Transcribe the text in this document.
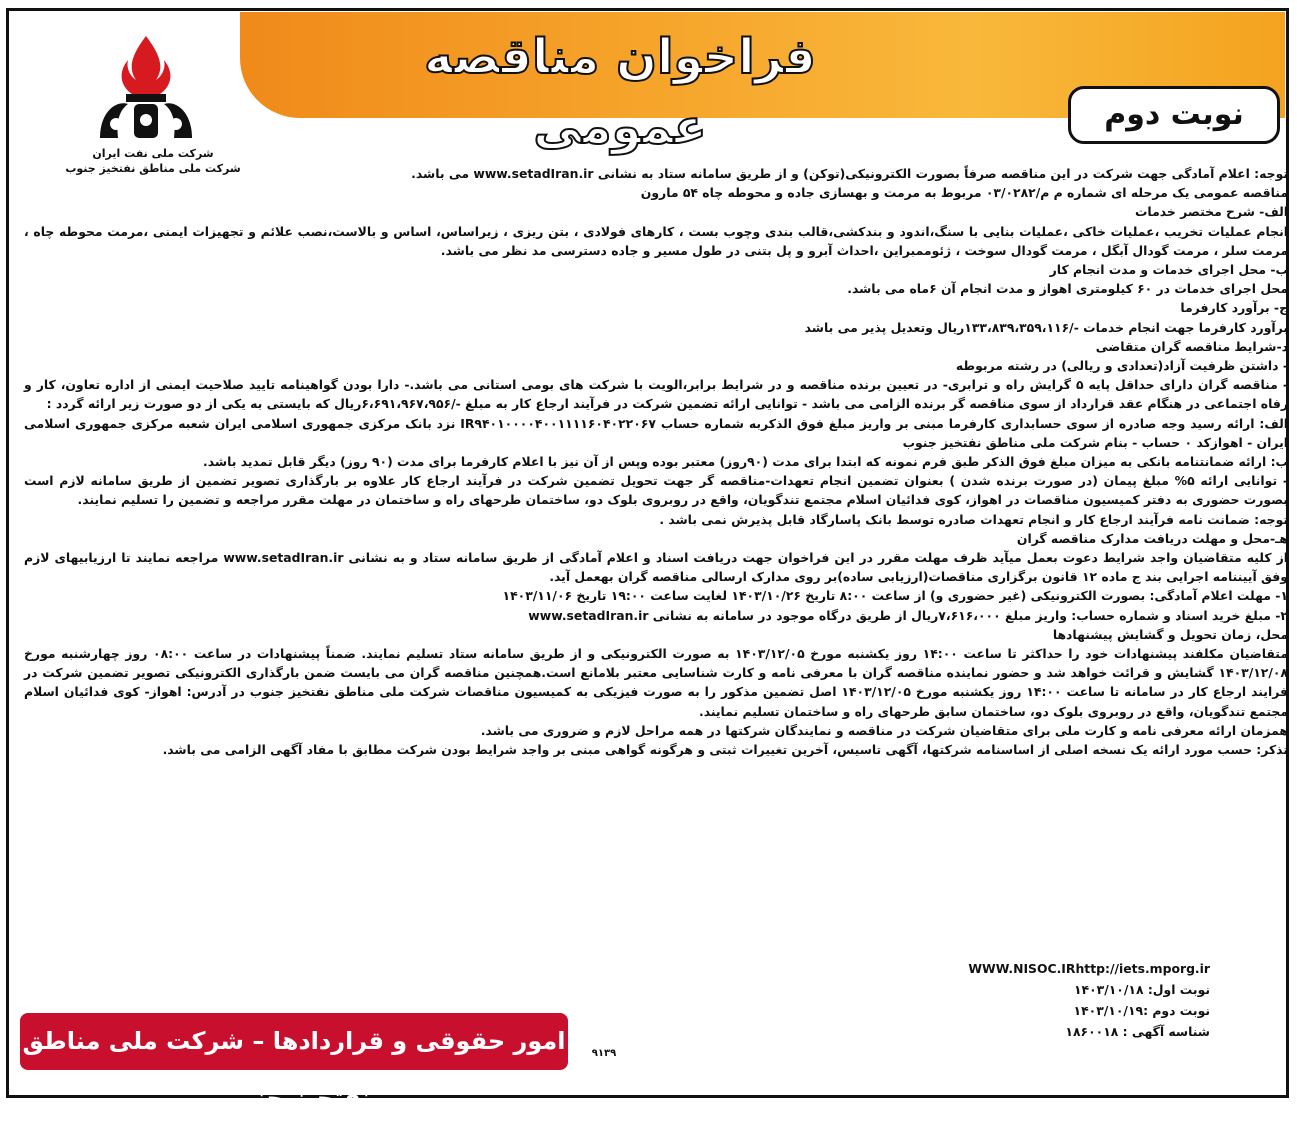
فراخوان مناقصه عمومی	نوبت دوم
شرکت ملی نفت ایران
شرکت ملی مناطق نفتخیز جنوب	توجه: اعلام آمادگی جهت شرکت در این مناقصه صرفاً بصورت الکترونیکی(توکن) و از طریق سامانه ستاد به نشانی www.setadIran.ir می باشد.

مناقصه عمومی یک مرحله ای شماره م م/۰۳/۰۲۸۲ مربوط به مرمت و بهسازی جاده و محوطه چاه ۵۴ مارون

الف- شرح مختصر خدمات

انجام عملیات تخریب ،عملیات خاکی ،عملیات بنایی با سنگ،اندود و بندکشی،قالب بندی وچوب بست ، کارهای فولادی ، بتن ریزی ، زیراساس، اساس و بالاست،نصب علائم و تجهیزات ایمنی ،مرمت محوطه چاه ، مرمت سلر ، مرمت گودال آبگل ، مرمت گودال سوخت ، ژئوممبراین ،احداث آبرو و پل بتنی در طول مسیر و جاده دسترسی مد نظر می باشد.

ب- محل اجرای خدمات و مدت انجام کار

محل اجرای خدمات در ۶۰ کیلومتری اهواز و مدت انجام آن ۶ماه می باشد.

ج- برآورد کارفرما

برآورد کارفرما جهت انجام خدمات -/۱۳۳،۸۳۹،۳۵۹،۱۱۶ریال وتعدیل پذیر می باشد

د-شرایط مناقصه گران متقاضی

- داشتن ظرفیت آزاد(تعدادی و ریالی) در رشته مربوطه

- مناقصه گران دارای حداقل پایه ۵ گرایش راه و ترابری- در تعیین برنده مناقصه و در شرایط برابر،الویت با شرکت های بومی استانی می باشد.- دارا بودن گواهینامه تایید صلاحیت ایمنی از اداره تعاون، کار و رفاه اجتماعی در هنگام عقد قرارداد از سوی مناقصه گر برنده الزامی می باشد - توانایی ارائه تضمین شرکت در فرآیند ارجاع کار به مبلغ -/۶،۶۹۱،۹۶۷،۹۵۶ریال که بایستی به یکی از دو صورت زیر ارائه گردد :

الف: ارائه رسید وجه صادره از سوی حسابداری کارفرما مبنی بر واریز مبلغ فوق الذکربه شماره حساب IR۹۴۰۱۰۰۰۰۴۰۰۱۱۱۱۶۰۴۰۲۲۰۶۷ نزد بانک مرکزی جمهوری اسلامی ایران شعبه مرکزی جمهوری اسلامی ایران - اهوازکد ۰ حساب - بنام شرکت ملی مناطق نفتخیز جنوب

ب: ارائه ضمانتنامه بانکی به میزان مبلغ فوق الذکر طبق فرم نمونه که ابتدا برای مدت (۹۰روز) معتبر بوده وپس از آن نیز با اعلام کارفرما برای مدت (۹۰ روز) دیگر قابل تمدید باشد.

- توانایی ارائه ۵% مبلغ پیمان (در صورت برنده شدن ) بعنوان تضمین انجام تعهدات-مناقصه گر جهت تحویل تضمین شرکت در فرآیند ارجاع کار علاوه بر بارگذاری تصویر تضمین از طریق سامانه لازم است بصورت حضوری به دفتر کمیسیون مناقصات در اهواز، کوی فدائیان اسلام مجتمع تندگویان، واقع در روبروی بلوک دو، ساختمان طرحهای راه و ساختمان در مهلت مقرر مراجعه و تضمین را تسلیم نمایند.

توجه: ضمانت نامه فرآیند ارجاع کار و انجام تعهدات صادره توسط بانک پاسارگاد قابل پذیرش نمی باشد .

هـ-محل و مهلت دریافت مدارک مناقصه گران

از کلیه متقاضیان واجد شرایط دعوت بعمل میآید ظرف مهلت مقرر در این فراخوان جهت دریافت اسناد و اعلام آمادگی از طریق سامانه ستاد و به نشانی www.setadIran.ir مراجعه نمایند تا ارزیابیهای لازم وفق آییننامه اجرایی بند ج ماده ۱۲ قانون برگزاری مناقصات(ارزیابی ساده)بر روی مدارک ارسالی مناقصه گران بهعمل آید.

۱- مهلت اعلام آمادگی: بصورت الکترونیکی (غیر حضوری و) از ساعت ۸:۰۰ تاریخ ۱۴۰۳/۱۰/۲۶ لغایت ساعت ۱۹:۰۰ تاریخ ۱۴۰۳/۱۱/۰۶

۲- مبلغ خرید اسناد و شماره حساب: واریز مبلغ ۷،۶۱۶،۰۰۰ریال از طریق درگاه موجود در سامانه به نشانی www.setadIran.ir

محل، زمان تحویل و گشایش پیشنهادها

متقاضیان مکلفند پیشنهادات خود را حداکثر تا ساعت ۱۴:۰۰ روز یکشنبه مورخ ۱۴۰۳/۱۲/۰۵ به صورت الکترونیکی و از طریق سامانه ستاد تسلیم نمایند. ضمناً پیشنهادات در ساعت ۰۸:۰۰ روز چهارشنبه مورخ ۱۴۰۳/۱۲/۰۸ گشایش و قرائت خواهد شد و حضور نماینده مناقصه گران با معرفی نامه و کارت شناسایی معتبر بلامانع است.همچنین مناقصه گران می بایست ضمن بارگذاری الکترونیکی تصویر تضمین شرکت در فرایند ارجاع کار در سامانه تا ساعت ۱۴:۰۰ روز یکشنبه مورخ ۱۴۰۳/۱۲/۰۵ اصل تضمین مذکور را به صورت فیزیکی به کمیسیون مناقصات شرکت ملی مناطق نفتخیز جنوب در آدرس: اهواز- کوی فدائیان اسلام مجتمع تندگویان، واقع در روبروی بلوک دو، ساختمان سابق طرحهای راه و ساختمان تسلیم نمایند.

همزمان ارائه معرفی نامه و کارت ملی برای متقاضیان شرکت در مناقصه و نمایندگان شرکتها در همه مراحل لازم و ضروری می باشد.

تذکر: حسب مورد ارائه یک نسخه اصلی از اساسنامه شرکتها، آگهی تاسیس، آخرین تغییرات ثبتی و هرگونه گواهی مبنی بر واجد شرایط بودن شرکت مطابق با مفاد آگهی الزامی می باشد.

WWW.NISOC.IRhttp://iets.mporg.ir

نوبت اول: ۱۴۰۳/۱۰/۱۸

نوبت دوم :۱۴۰۳/۱۰/۱۹

شناسه آگهی : ۱۸۶۰۰۱۸

امور حقوقی و قراردادها – شرکت ملی مناطق نفتخیز جنوب
۹۱۳۹
